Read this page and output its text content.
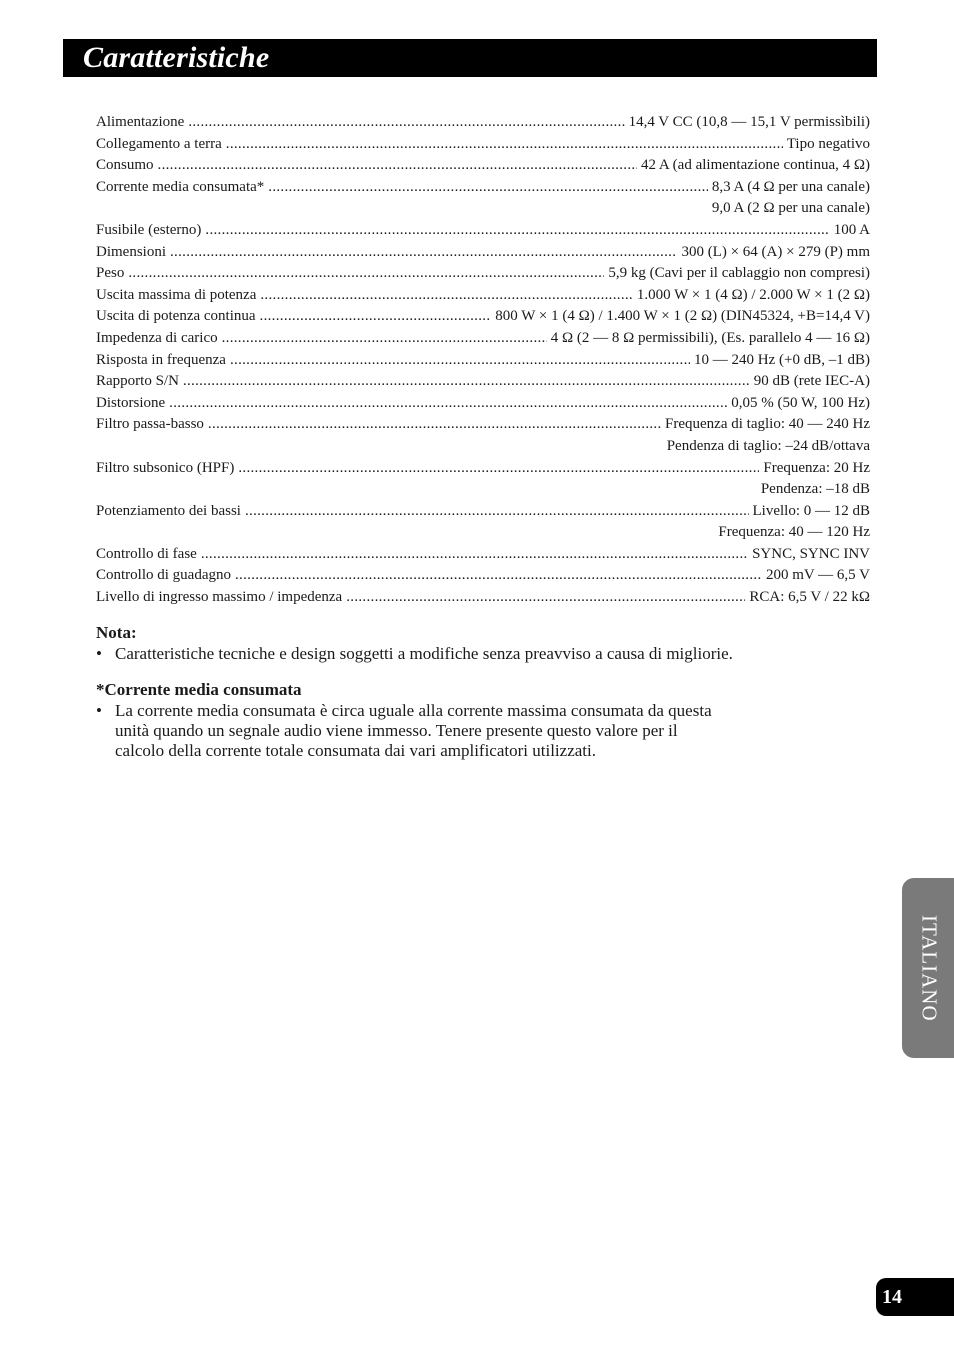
Caratteristiche
Alimentazione .....	14,4 V CC (10,8 — 15,1 V permissìbili)
Collegamento a terra .....	Tipo negativo
Consumo .....	42 A (ad alimentazione continua, 4 Ω)
Corrente media consumata* .....	8,3 A (4 Ω per una canale)
9,0 A (2 Ω per una canale)
Fusibile (esterno) .....	100 A
Dimensioni .....	300 (L) × 64 (A) × 279 (P) mm
Peso .....	5,9 kg (Cavi per il cablaggio non compresi)
Uscita massima di potenza .....	1.000 W × 1 (4 Ω) / 2.000 W × 1 (2 Ω)
Uscita di potenza continua .....	800 W × 1 (4 Ω) / 1.400 W × 1 (2 Ω) (DIN45324, +B=14,4 V)
Impedenza di carico .....	4 Ω (2 — 8 Ω permissibili), (Es. parallelo 4 — 16 Ω)
Risposta in frequenza .....	10 — 240 Hz (+0 dB, –1 dB)
Rapporto S/N .....	90 dB (rete IEC-A)
Distorsione .....	0,05 % (50 W, 100 Hz)
Filtro passa-basso .....	Frequenza di taglio: 40 — 240 Hz
Pendenza di taglio: –24 dB/ottava
Filtro subsonico (HPF) .....	Frequenza: 20 Hz
Pendenza: –18 dB
Potenziamento dei bassi .....	Livello: 0 — 12 dB
Frequenza: 40 — 120 Hz
Controllo di fase .....	SYNC, SYNC INV
Controllo di guadagno .....	200 mV — 6,5 V
Livello di ingresso massimo / impedenza .....	RCA: 6,5 V / 22 kΩ
Nota:
• Caratteristiche tecniche e design soggetti a modifiche senza preavviso a causa di migliorie.
*Corrente media consumata
• La corrente media consumata è circa uguale alla corrente massima consumata da questa unità quando un segnale audio viene immesso. Tenere presente questo valore per il calcolo della corrente totale consumata dai vari amplificatori utilizzati.
ITALIANO
14
